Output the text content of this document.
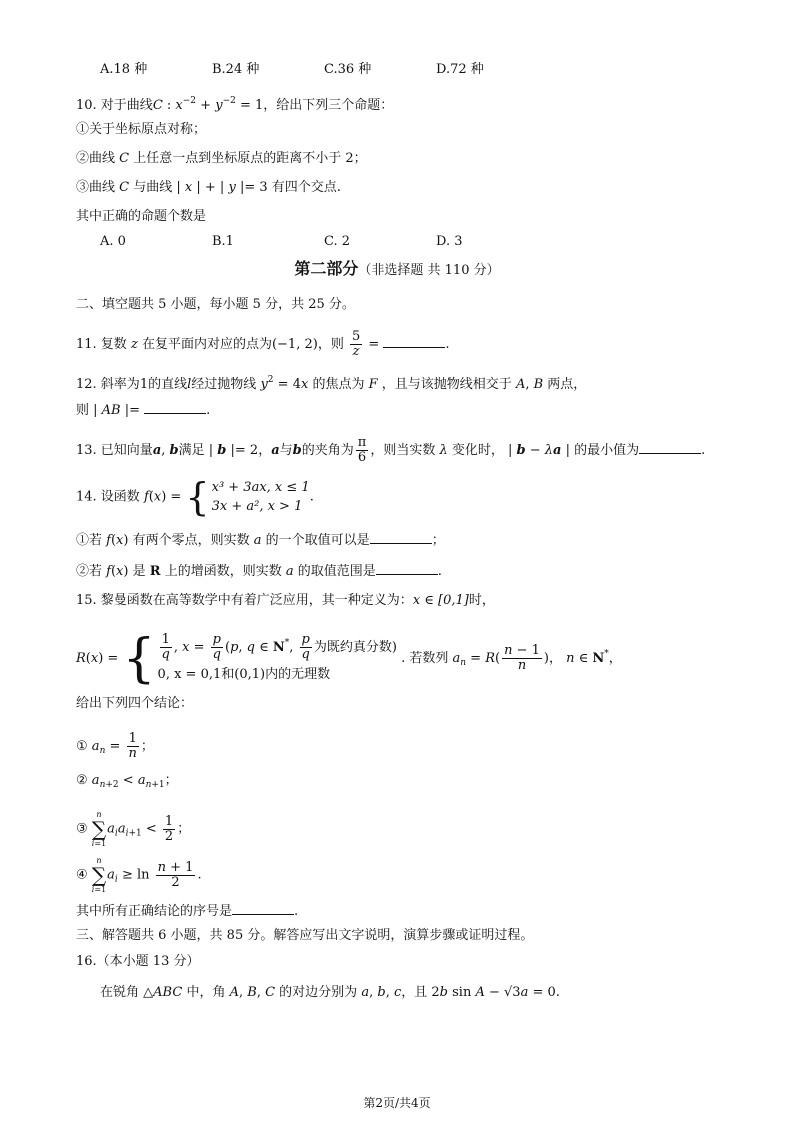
A.18 种	B.24 种	C.36 种	D.72 种
10. 对于曲线C : $x^{-2} + y^{-2} = 1$，给出下列三个命题：
①关于坐标原点对称；
②曲线 C 上任意一点到坐标原点的距离不小于 2；
③曲线 C 与曲线 | x | + | y |= 3 有四个交点.
其中正确的命题个数是
A. 0	B.1	C. 2	D. 3
第二部分（非选择题 共 110 分）
二、填空题共 5 小题，每小题 5 分，共 25 分。
11. 复数 z 在复平面内对应的点为(−1, 2)，则 $\frac{5}{z}$ =	.
12. 斜率为1的直线l经过抛物线 $y^2 = 4x$ 的焦点为 F ，且与该抛物线相交于 A, B 两点，
则 | AB |=	.
13. 已知向量a, b满足 | b |= 2，a与b的夹角为 $\frac{\pi}{6}$ ，则当实数 λ 变化时， | b − λa | 的最小值为	.
14. 设函数 f(x) = { x³ + 3ax, x ≤ 1
3x + a², x > 1
.
①若 f(x) 有两个零点，则实数 a 的一个取值可以是	；
②若 f(x) 是 R 上的增函数，则实数 a 的取值范围是	.
15. 黎曼函数在高等数学中有着广泛应用，其一种定义为：x ∈ [0,1]时，
R(x) = { $\frac{1}{q}$ , $x = \frac{p}{q} (p$, q ∈ N*, $\frac{p}{q}$ 为既约真分数)
0, x = 0,1和(0,1)内的无理数
. 若数列 $a_n = R( \frac{n - 1}{n}$ )， n ∈ N*，
给出下列四个结论：
① $a_n = \frac{1}{n}$ ；
② $a_{n+2} < a_{n+1}$；
③
n
∑
i=1
$a_ia_{i+1} < \frac{1}{2}$ ；
④
n
∑
i=1
$a_i \ge \ln \frac{n + 1}{2}$ .
其中所有正确结论的序号是	.
三、解答题共 6 小题，共 85 分。解答应写出文字说明，演算步骤或证明过程。
16.（本小题 13 分）
在锐角 △ABC 中，角 A, B, C 的对边分别为 a, b, c，且 2b sin A − √3a = 0.
第2页/共4页
